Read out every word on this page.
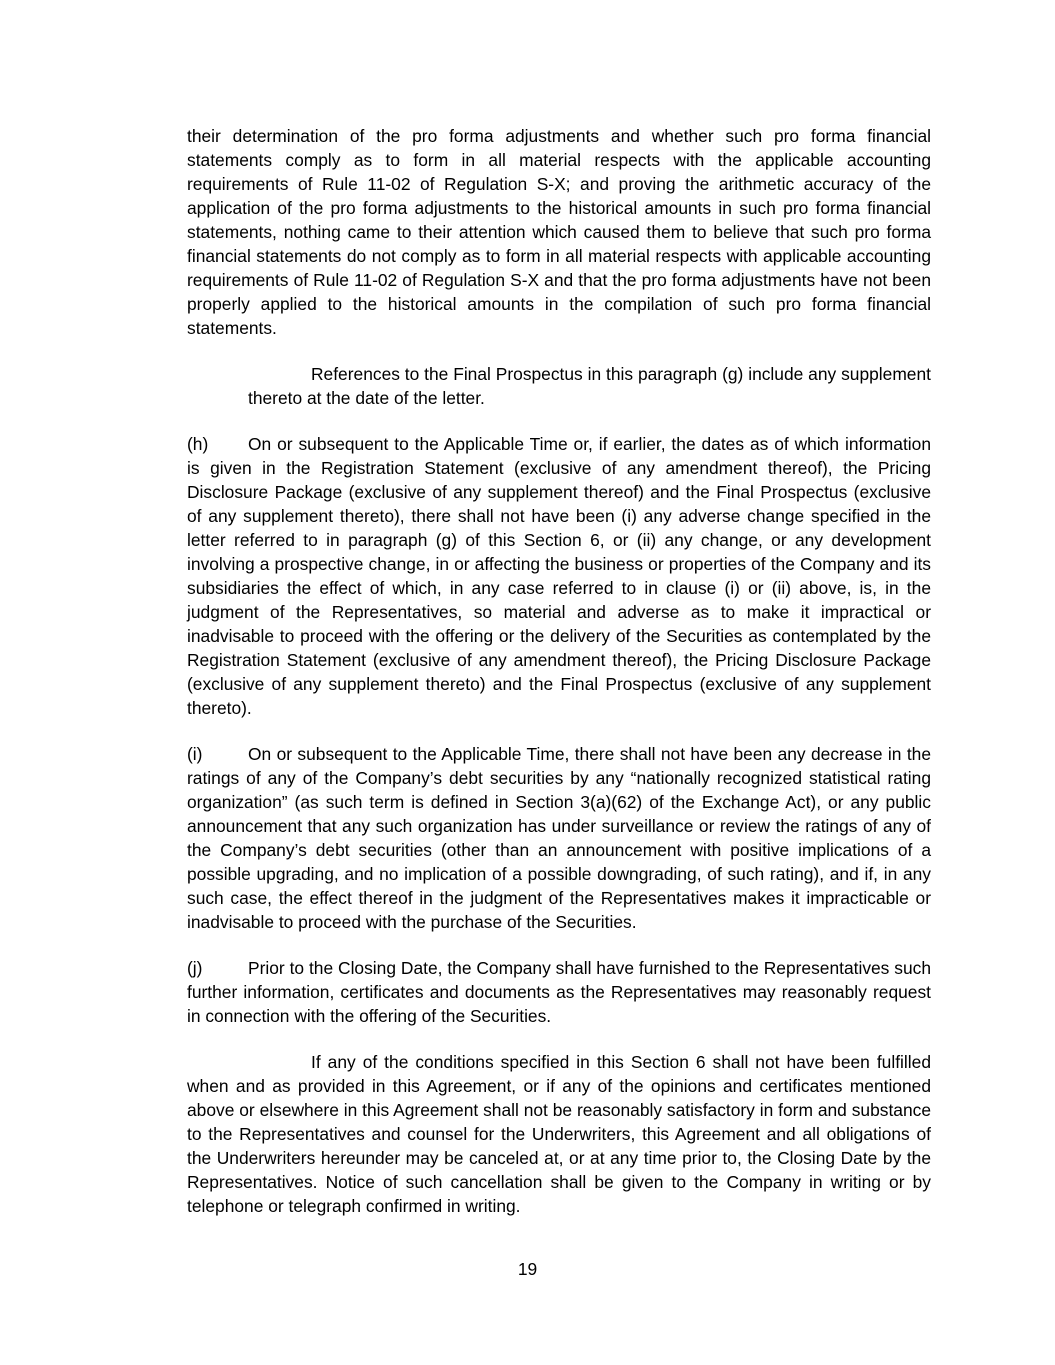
their determination of the pro forma adjustments and whether such pro forma financial statements comply as to form in all material respects with the applicable accounting requirements of Rule 11-02 of Regulation S-X; and proving the arithmetic accuracy of the application of the pro forma adjustments to the historical amounts in such pro forma financial statements, nothing came to their attention which caused them to believe that such pro forma financial statements do not comply as to form in all material respects with applicable accounting requirements of Rule 11-02 of Regulation S-X and that the pro forma adjustments have not been properly applied to the historical amounts in the compilation of such pro forma financial statements.

References to the Final Prospectus in this paragraph (g) include any supplement thereto at the date of the letter.

(h) On or subsequent to the Applicable Time or, if earlier, the dates as of which information is given in the Registration Statement (exclusive of any amendment thereof), the Pricing Disclosure Package (exclusive of any supplement thereof) and the Final Prospectus (exclusive of any supplement thereto), there shall not have been (i) any adverse change specified in the letter referred to in paragraph (g) of this Section 6, or (ii) any change, or any development involving a prospective change, in or affecting the business or properties of the Company and its subsidiaries the effect of which, in any case referred to in clause (i) or (ii) above, is, in the judgment of the Representatives, so material and adverse as to make it impractical or inadvisable to proceed with the offering or the delivery of the Securities as contemplated by the Registration Statement (exclusive of any amendment thereof), the Pricing Disclosure Package (exclusive of any supplement thereto) and the Final Prospectus (exclusive of any supplement thereto).

(i)	On or subsequent to the Applicable Time, there shall not have been any decrease in the ratings of any of the Company’s debt securities by any “nationally recognized statistical rating organization” (as such term is defined in Section 3(a)(62) of the Exchange Act), or any public announcement that any such organization has under surveillance or review the ratings of any of the Company’s debt securities (other than an announcement with positive implications of a possible upgrading, and no implication of a possible downgrading, of such rating), and if, in any such case, the effect thereof in the judgment of the Representatives makes it impracticable or inadvisable to proceed with the purchase of the Securities.

(j)	Prior to the Closing Date, the Company shall have furnished to the Representatives such further information, certificates and documents as the Representatives may reasonably request in connection with the offering of the Securities.

If any of the conditions specified in this Section 6 shall not have been fulfilled when and as provided in this Agreement, or if any of the opinions and certificates mentioned above or elsewhere in this Agreement shall not be reasonably satisfactory in form and substance to the Representatives and counsel for the Underwriters, this Agreement and all obligations of the Underwriters hereunder may be canceled at, or at any time prior to, the Closing Date by the Representatives. Notice of such cancellation shall be given to the Company in writing or by telephone or telegraph confirmed in writing.

19
